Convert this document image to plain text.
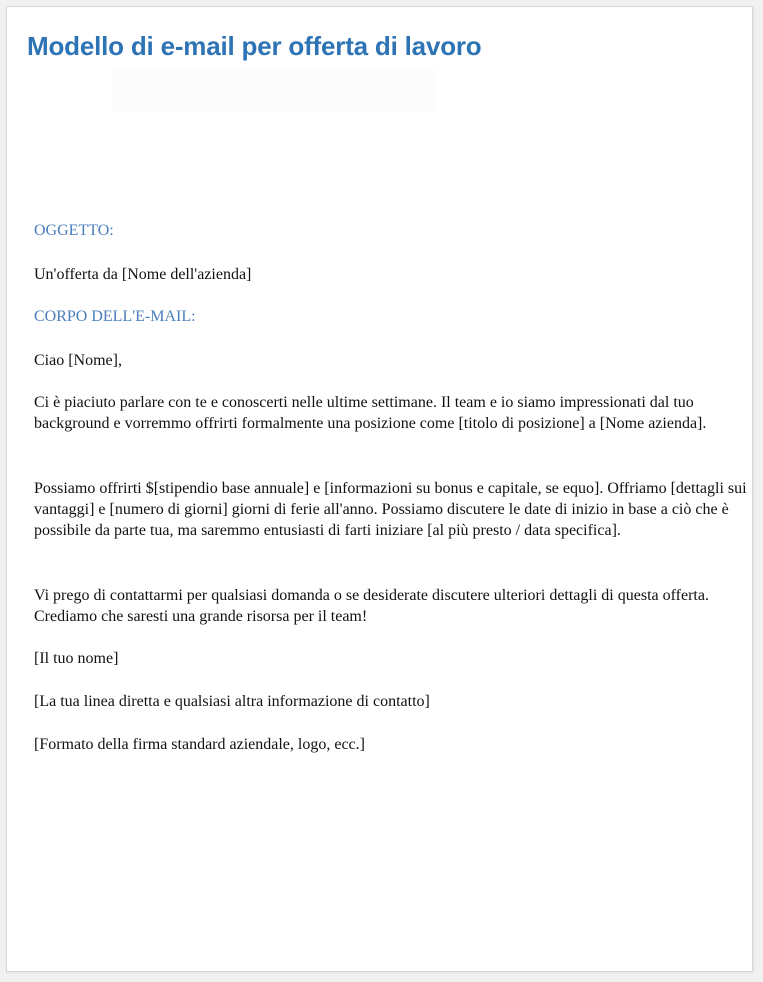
Modello di e-mail per offerta di lavoro

OGGETTO:

Un'offerta da [Nome dell'azienda]

CORPO DELL'E-MAIL:

Ciao [Nome],

Ci è piaciuto parlare con te e conoscerti nelle ultime settimane. Il team e io siamo impressionati dal tuo background e vorremmo offrirti formalmente una posizione come [titolo di posizione] a [Nome azienda].

Possiamo offrirti $[stipendio base annuale] e [informazioni su bonus e capitale, se equo]. Offriamo [dettagli sui vantaggi] e [numero di giorni] giorni di ferie all'anno. Possiamo discutere le date di inizio in base a ciò che è possibile da parte tua, ma saremmo entusiasti di farti iniziare [al più presto / data specifica].

Vi prego di contattarmi per qualsiasi domanda o se desiderate discutere ulteriori dettagli di questa offerta. Crediamo che saresti una grande risorsa per il team!

[Il tuo nome]

[La tua linea diretta e qualsiasi altra informazione di contatto]

[Formato della firma standard aziendale, logo, ecc.]
